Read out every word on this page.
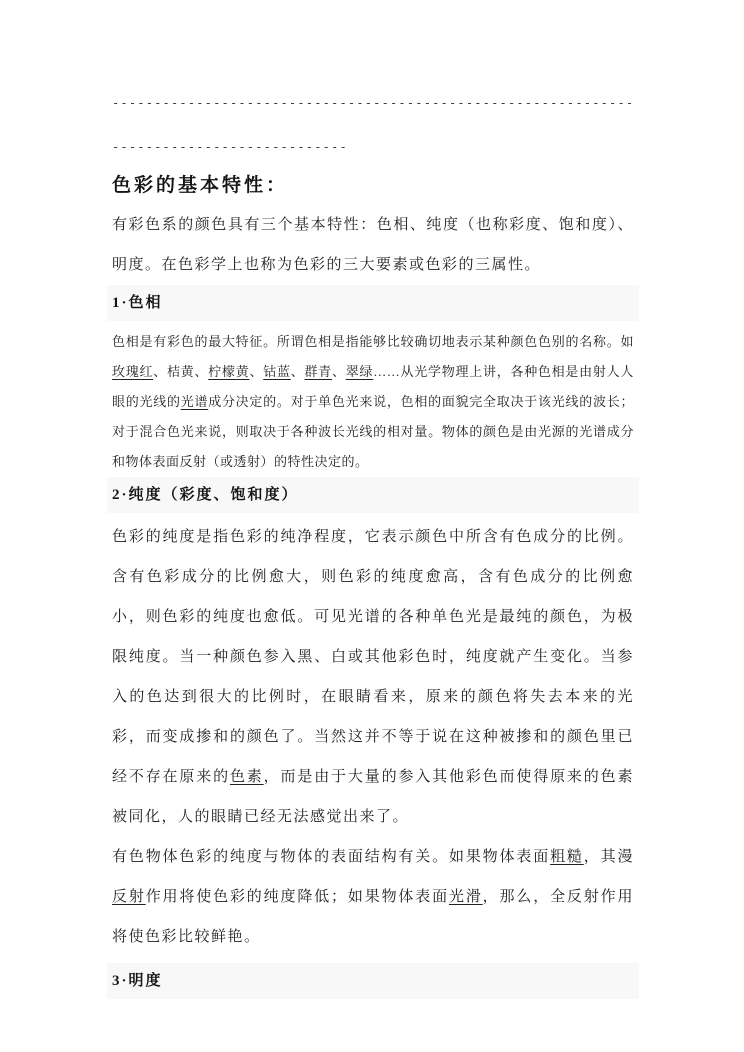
--------------------------------------------------------------
----------------------------
色彩的基本特性：

有彩色系的颜色具有三个基本特性：色相、纯度（也称彩度、饱和度）、明度。在色彩学上也称为色彩的三大要素或色彩的三属性。

1·色相

色相是有彩色的最大特征。所谓色相是指能够比较确切地表示某种颜色色别的名称。如玫瑰红、桔黄、柠檬黄、钴蓝、群青、翠绿……从光学物理上讲，各种色相是由射人人眼的光线的光谱成分决定的。对于单色光来说，色相的面貌完全取决于该光线的波长；对于混合色光来说，则取决于各种波长光线的相对量。物体的颜色是由光源的光谱成分和物体表面反射（或透射）的特性决定的。

2·纯度（彩度、饱和度）

色彩的纯度是指色彩的纯净程度，它表示颜色中所含有色成分的比例。含有色彩成分的比例愈大，则色彩的纯度愈高，含有色成分的比例愈小，则色彩的纯度也愈低。可见光谱的各种单色光是最纯的颜色，为极限纯度。当一种颜色参入黑、白或其他彩色时，纯度就产生变化。当参入的色达到很大的比例时，在眼睛看来，原来的颜色将失去本来的光彩，而变成掺和的颜色了。当然这并不等于说在这种被掺和的颜色里已经不存在原来的色素，而是由于大量的参入其他彩色而使得原来的色素被同化，人的眼睛已经无法感觉出来了。

有色物体色彩的纯度与物体的表面结构有关。如果物体表面粗糙，其漫反射作用将使色彩的纯度降低；如果物体表面光滑，那么，全反射作用将使色彩比较鲜艳。

3·明度
